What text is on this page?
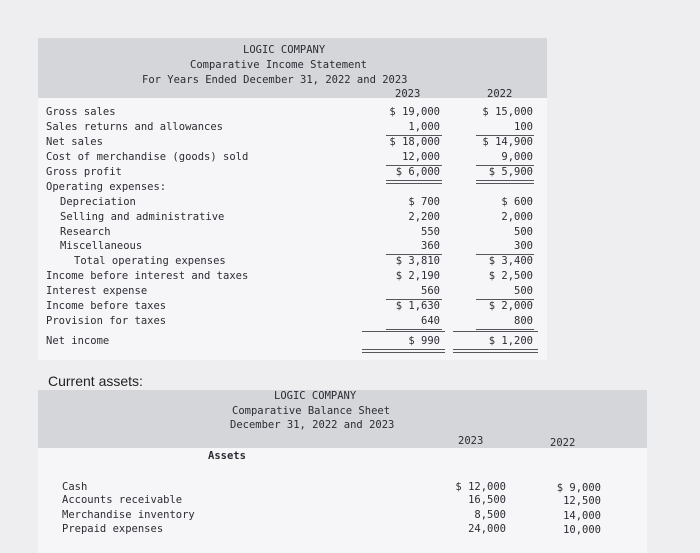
LOGIC COMPANY
Comparative Income Statement
For Years Ended December 31, 2022 and 2023
2023	2022
Gross sales	$ 19,000	$ 15,000
Sales returns and allowances	1,000	100
Net sales	$ 18,000	$ 14,900
Cost of merchandise (goods) sold	12,000	9,000
Gross profit	$ 6,000	$ 5,900
Operating expenses:
Depreciation	$ 700	$ 600
Selling and administrative	2,200	2,000
Research	550	500
Miscellaneous	360	300
Total operating expenses	$ 3,810	$ 3,400
Income before interest and taxes	$ 2,190	$ 2,500
Interest expense	560	500
Income before taxes	$ 1,630	$ 2,000
Provision for taxes	640	800
Net income	$ 990	$ 1,200
Current assets:
LOGIC COMPANY
Comparative Balance Sheet
December 31, 2022 and 2023
2023	2022
Assets
Cash	$ 12,000	$ 9,000
Accounts receivable	16,500	12,500
Merchandise inventory	8,500	14,000
Prepaid expenses	24,000	10,000
